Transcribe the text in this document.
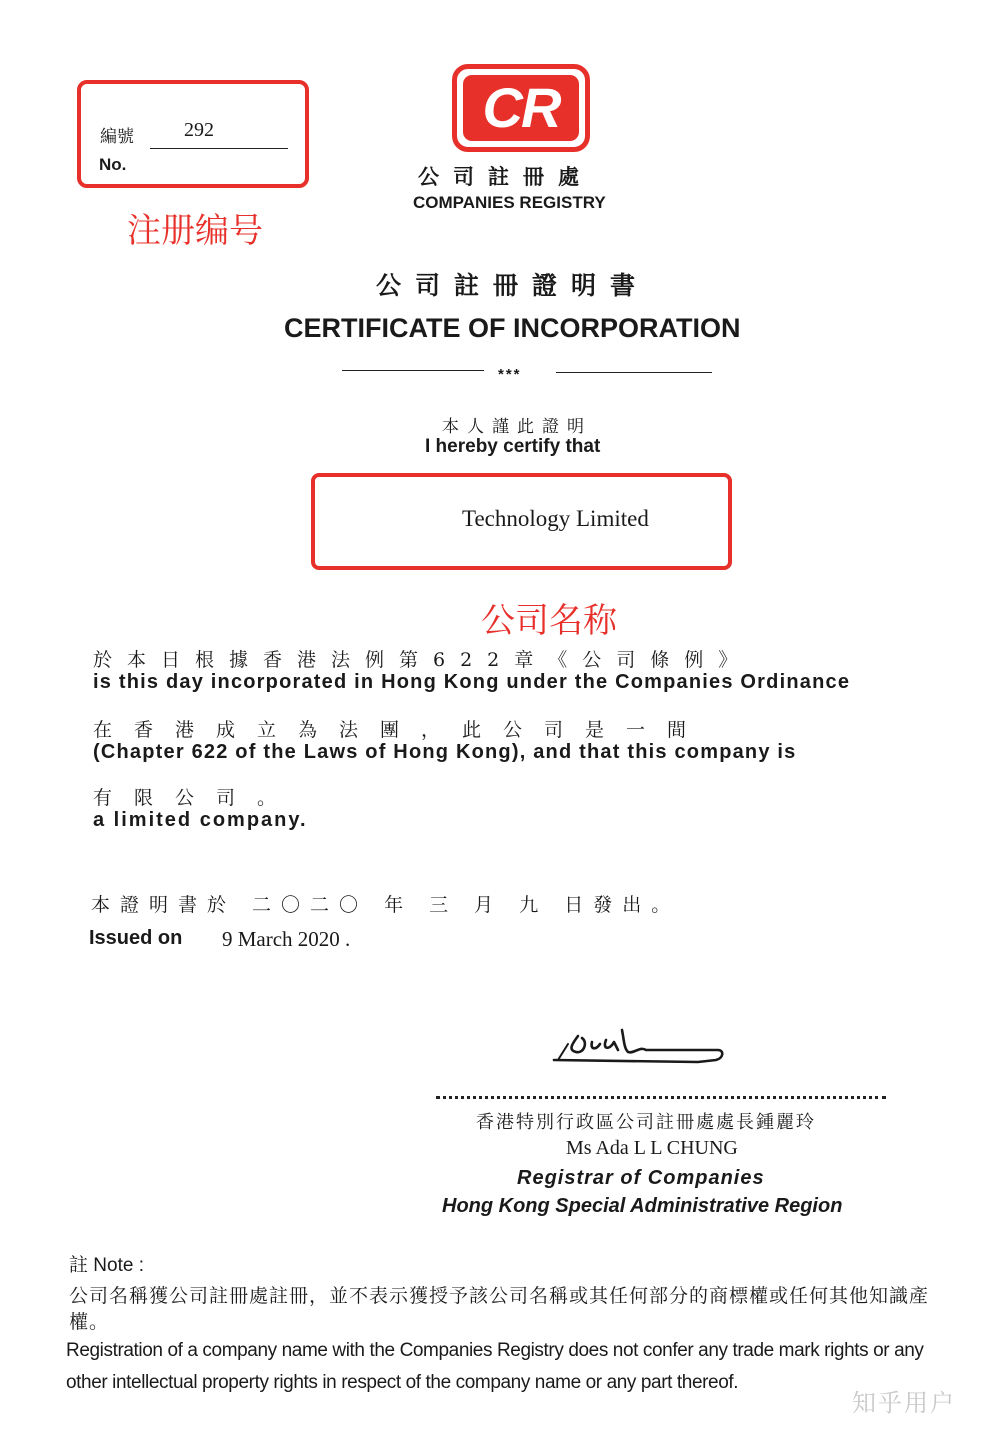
編號	292
No.
注册编号
CR
公司註冊處
COMPANIES REGISTRY
公司註冊證明書
CERTIFICATE OF INCORPORATION
***
本人謹此證明
I hereby certify that
Technology Limited
公司名称
於本日根據香港法例第622章《公司條例》
is this day incorporated in Hong Kong under the Companies Ordinance
在香港成立為法團，此公司是一間
(Chapter 622 of the Laws of Hong Kong), and that this company is
有限公司。
a limited company.
本證明書於 二〇二〇 年 三 月 九 日發出。
Issued on 9 March 2020 .
香港特別行政區公司註冊處處長鍾麗玲
Ms Ada L L CHUNG
Registrar of Companies
Hong Kong Special Administrative Region
註 Note :
公司名稱獲公司註冊處註冊，並不表示獲授予該公司名稱或其任何部分的商標權或任何其他知識產權。
Registration of a company name with the Companies Registry does not confer any trade mark rights or any other intellectual property rights in respect of the company name or any part thereof.
知乎用户
